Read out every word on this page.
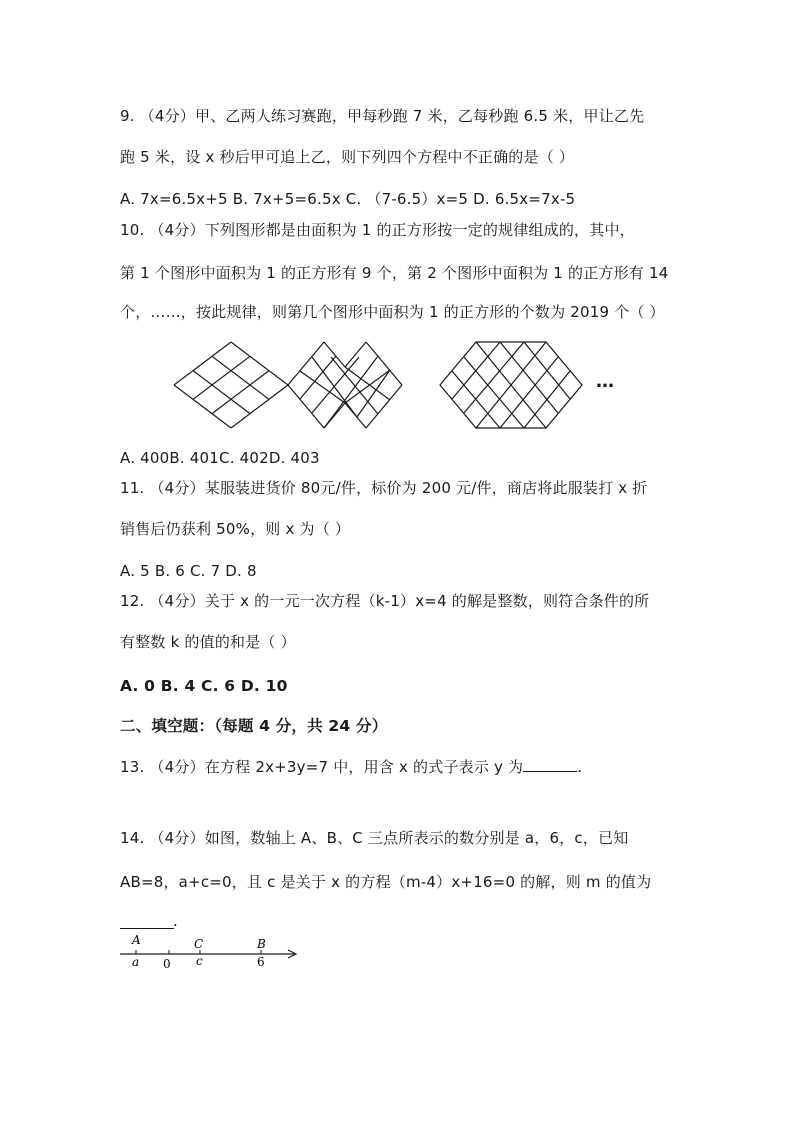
9. （4分）甲、乙两人练习赛跑，甲每秒跑 7 米，乙每秒跑 6.5 米，甲让乙先
跑 5 米，设 x 秒后甲可追上乙，则下列四个方程中不正确的是（ ）
A. 7x=6.5x+5 B. 7x+5=6.5x C. （7-6.5）x=5 D. 6.5x=7x-5
10. （4分）下列图形都是由面积为 1 的正方形按一定的规律组成的，其中，
第 1 个图形中面积为 1 的正方形有 9 个，第 2 个图形中面积为 1 的正方形有 14
个，……，按此规律，则第几个图形中面积为 1 的正方形的个数为 2019 个（ ）
…
A. 400B. 401C. 402D. 403
11. （4分）某服装进货价 80元/件，标价为 200 元/件，商店将此服装打 x 折
销售后仍获利 50%，则 x 为（ ）
A. 5 B. 6 C. 7 D. 8
12. （4分）关于 x 的一元一次方程（k-1）x=4 的解是整数，则符合条件的所
有整数 k 的值的和是（ ）
A. 0 B. 4 C. 6 D. 10
二、填空题：（每题 4 分，共 24 分）
13. （4分）在方程 2x+3y=7 中，用含 x 的式子表示 y 为	.
14. （4分）如图，数轴上 A、B、C 三点所表示的数分别是 a，6，c，已知
AB=8，a+c=0，且 c 是关于 x 的方程（m-4）x+16=0 的解，则 m 的值为
.
A	C	B
a 0 c	6
